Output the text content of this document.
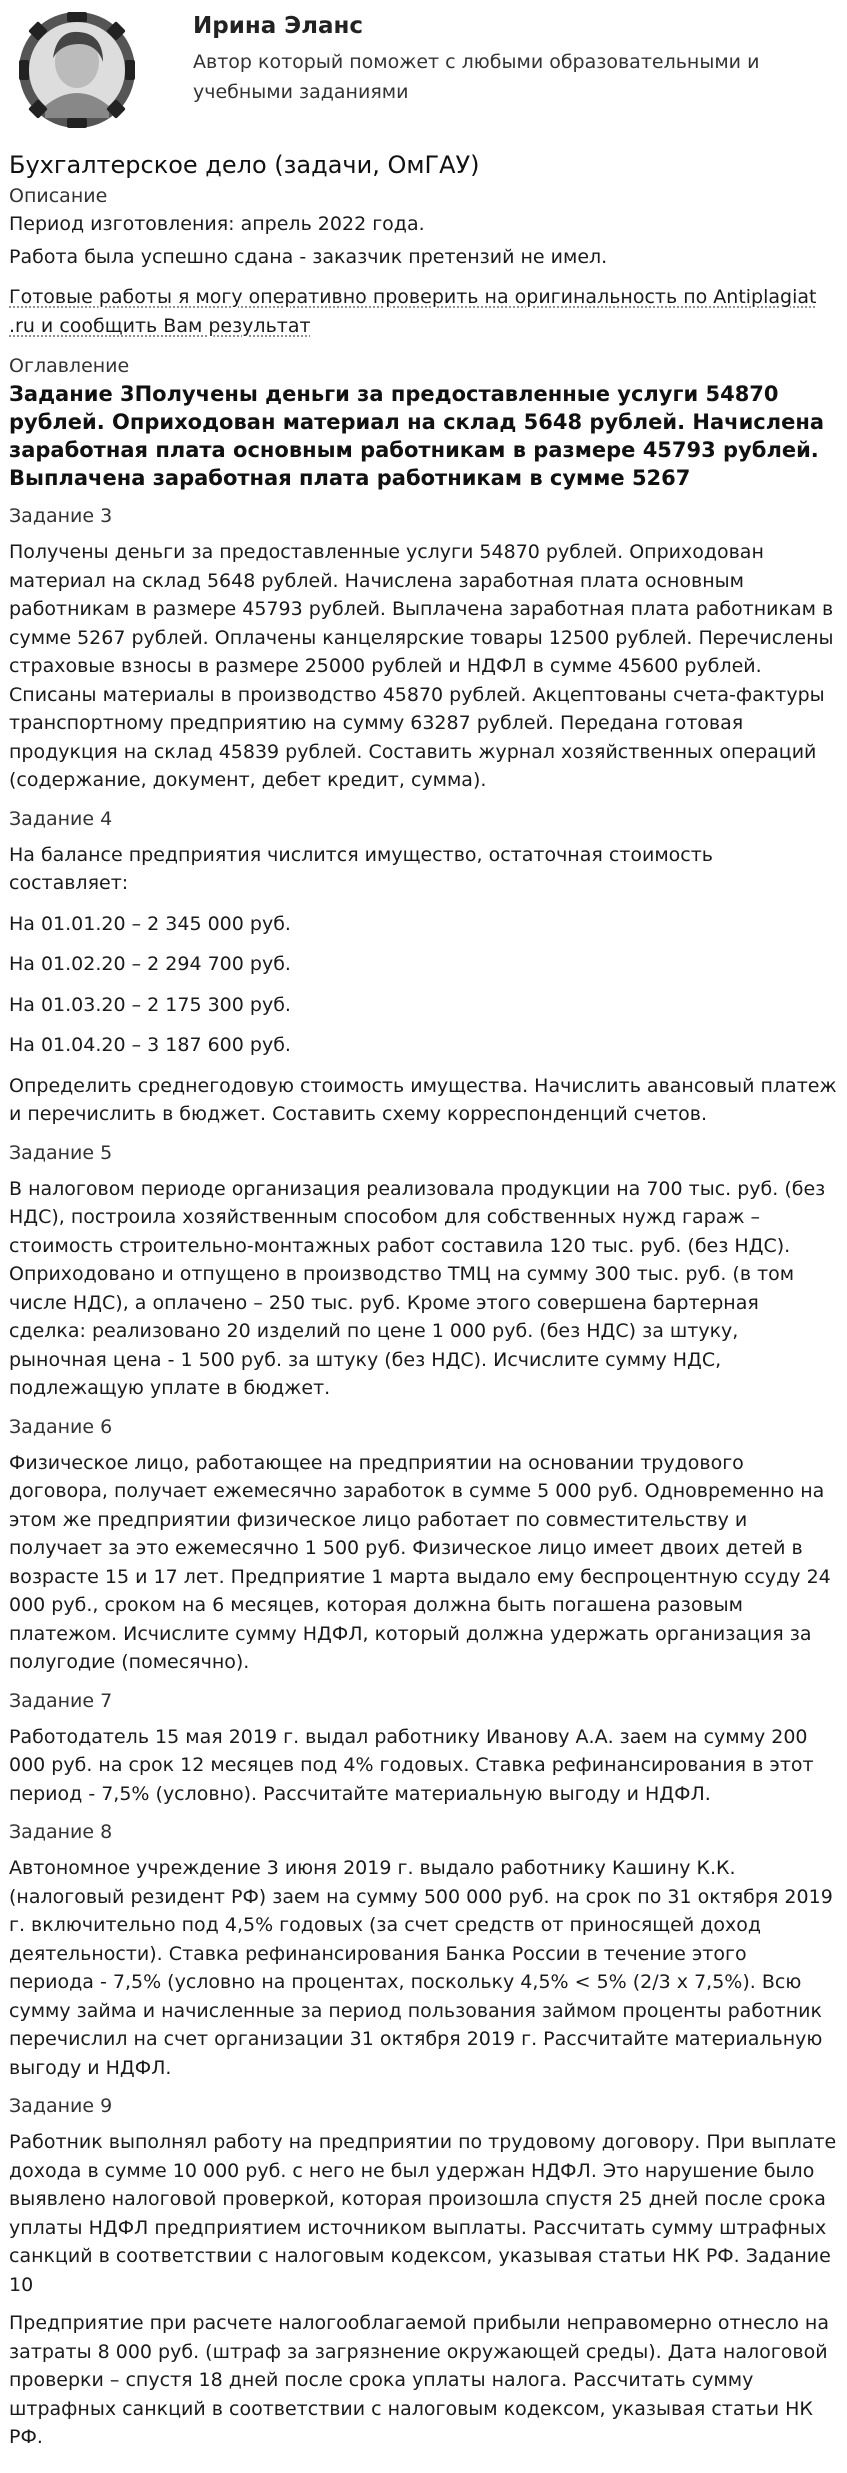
Ирина Эланс
Автор который поможет с любыми образовательными и учебными заданиями
Бухгалтерское дело (задачи, ОмГАУ)
Описание

Период изготовления: апрель 2022 года.

Работа была успешно сдана - заказчик претензий не имел.

Готовые работы я могу оперативно проверить на оригинальность по Antiplagiat .ru и сообщить Вам результат

Оглавление
Задание 3Получены деньги за предоставленные услуги 54870 рублей. Оприходован материал на склад 5648 рублей. Начислена заработная плата основным работникам в размере 45793 рублей. Выплачена заработная плата работникам в сумме 5267
Задание 3

Получены деньги за предоставленные услуги 54870 рублей. Оприходован материал на склад 5648 рублей. Начислена заработная плата основным работникам в размере 45793 рублей. Выплачена заработная плата работникам в сумме 5267 рублей. Оплачены канцелярские товары 12500 рублей. Перечислены страховые взносы в размере 25000 рублей и НДФЛ в сумме 45600 рублей. Списаны материалы в производство 45870 рублей. Акцептованы счета-фактуры транспортному предприятию на сумму 63287 рублей. Передана готовая продукция на склад 45839 рублей. Составить журнал хозяйственных операций (содержание, документ, дебет кредит, сумма).

Задание 4

На балансе предприятия числится имущество, остаточная стоимость составляет:

На 01.01.20 – 2 345 000 руб.

На 01.02.20 – 2 294 700 руб.

На 01.03.20 – 2 175 300 руб.

На 01.04.20 – 3 187 600 руб.

Определить среднегодовую стоимость имущества. Начислить авансовый платеж и перечислить в бюджет. Составить схему корреспонденций счетов.

Задание 5

В налоговом периоде организация реализовала продукции на 700 тыс. руб. (без НДС), построила хозяйственным способом для собственных нужд гараж – стоимость строительно-монтажных работ составила 120 тыс. руб. (без НДС). Оприходовано и отпущено в производство ТМЦ на сумму 300 тыс. руб. (в том числе НДС), а оплачено – 250 тыс. руб. Кроме этого совершена бартерная сделка: реализовано 20 изделий по цене 1 000 руб. (без НДС) за штуку, рыночная цена - 1 500 руб. за штуку (без НДС). Исчислите сумму НДС, подлежащую уплате в бюджет.

Задание 6

Физическое лицо, работающее на предприятии на основании трудового договора, получает ежемесячно заработок в сумме 5 000 руб. Одновременно на этом же предприятии физическое лицо работает по совместительству и получает за это ежемесячно 1 500 руб. Физическое лицо имеет двоих детей в возрасте 15 и 17 лет. Предприятие 1 марта выдало ему беспроцентную ссуду 24 000 руб., сроком на 6 месяцев, которая должна быть погашена разовым платежом. Исчислите сумму НДФЛ, который должна удержать организация за полугодие (помесячно).

Задание 7

Работодатель 15 мая 2019 г. выдал работнику Иванову А.А. заем на сумму 200 000 руб. на срок 12 месяцев под 4% годовых. Ставка рефинансирования в этот период - 7,5% (условно). Рассчитайте материальную выгоду и НДФЛ.

Задание 8

Автономное учреждение 3 июня 2019 г. выдало работнику Кашину К.К. (налоговый резидент РФ) заем на сумму 500 000 руб. на срок по 31 октября 2019 г. включительно под 4,5% годовых (за счет средств от приносящей доход деятельности). Ставка рефинансирования Банка России в течение этого периода - 7,5% (условно на процентах, поскольку 4,5% < 5% (2/3 x 7,5%). Всю сумму займа и начисленные за период пользования займом проценты работник перечислил на счет организации 31 октября 2019 г. Рассчитайте материальную выгоду и НДФЛ.

Задание 9

Работник выполнял работу на предприятии по трудовому договору. При выплате дохода в сумме 10 000 руб. с него не был удержан НДФЛ. Это нарушение было выявлено налоговой проверкой, которая произошла спустя 25 дней после срока уплаты НДФЛ предприятием источником выплаты. Рассчитать сумму штрафных санкций в соответствии с налоговым кодексом, указывая статьи НК РФ. Задание 10

Предприятие при расчете налогооблагаемой прибыли неправомерно отнесло на затраты 8 000 руб. (штраф за загрязнение окружающей среды). Дата налоговой проверки – спустя 18 дней после срока уплаты налога. Рассчитать сумму штрафных санкций в соответствии с налоговым кодексом, указывая статьи НК РФ.
